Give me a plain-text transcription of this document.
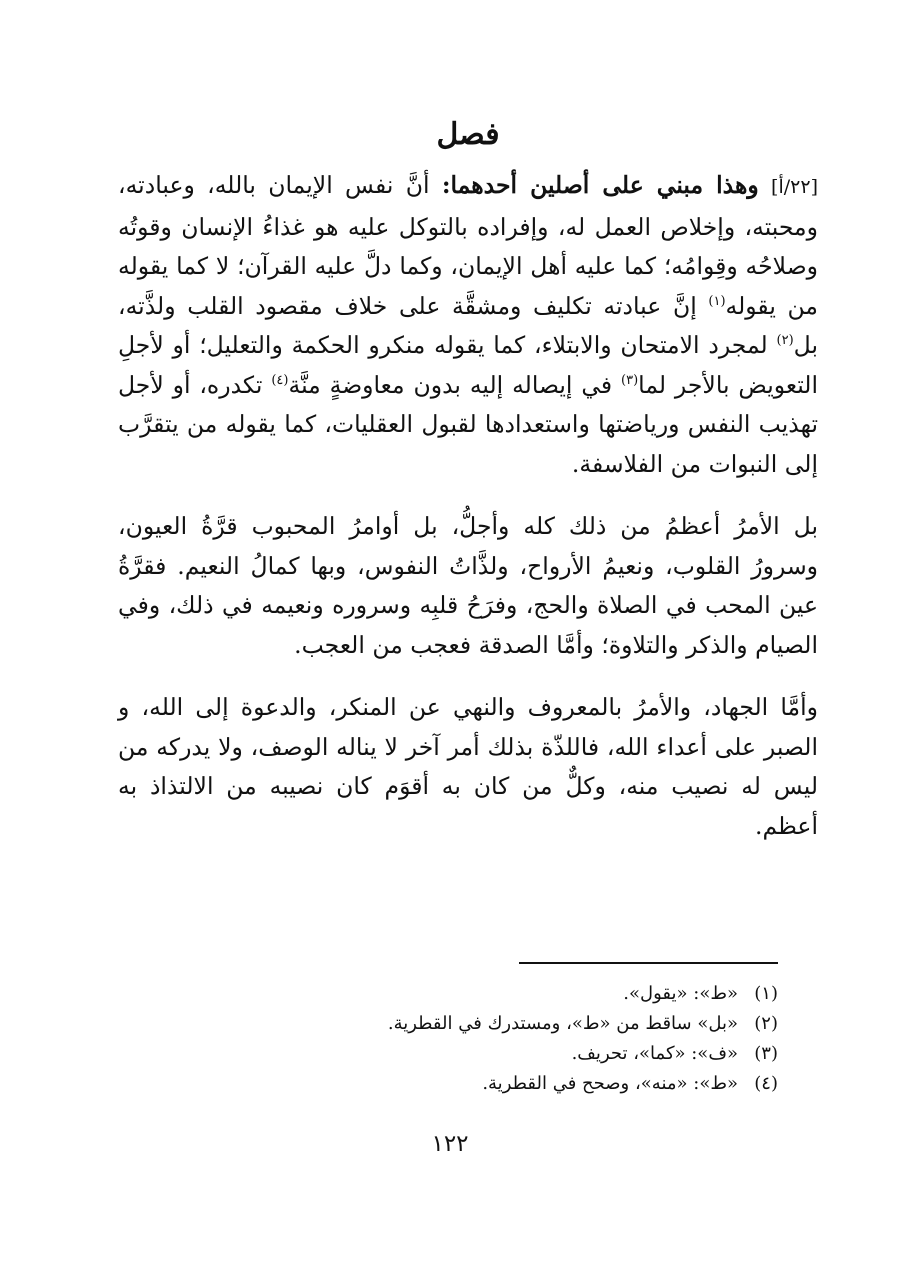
فصل

[٢٢/أ] وهذا مبني على أصلين أحدهما: أنَّ نفس الإيمان بالله، وعبادته، ومحبته، وإخلاص العمل له، وإفراده بالتوكل عليه هو غذاءُ الإنسان وقوتُه وصلاحُه وقِوامُه؛ كما عليه أهل الإيمان، وكما دلَّ عليه القرآن؛ لا كما يقوله من يقوله$^{(١)}$ إنَّ عبادته تكليف ومشقَّة على خلاف مقصود القلب ولذَّته، بل$^{(٢)}$ لمجرد الامتحان والابتلاء، كما يقوله منكرو الحكمة والتعليل؛ أو لأجلِ التعويض بالأجر لما$^{(٣)}$ في إيصاله إليه بدون معاوضةٍ منَّة$^{(٤)}$ تكدره، أو لأجل تهذيب النفس ورياضتها واستعدادها لقبول العقليات، كما يقوله من يتقرَّب إلى النبوات من الفلاسفة.

بل الأمرُ أعظمُ من ذلك كله وأجلُّ، بل أوامرُ المحبوب قرَّةُ العيون، وسرورُ القلوب، ونعيمُ الأرواح، ولذَّاتُ النفوس، وبها كمالُ النعيم. فقرَّةُ عين المحب في الصلاة والحج، وفرَحُ قلبِه وسروره ونعيمه في ذلك، وفي الصيام والذكر والتلاوة؛ وأمَّا الصدقة فعجب من العجب.

وأمَّا الجهاد، والأمرُ بالمعروف والنهي عن المنكر، والدعوة إلى الله، و الصبر على أعداء الله، فاللذّة بذلك أمر آخر لا يناله الوصف، ولا يدركه من ليس له نصيب منه، وكلٌّ من كان به أقوَم كان نصيبه من الالتذاذ به أعظم.

(١)«ط»: «يقول».
(٢)«بل» ساقط من «ط»، ومستدرك في القطرية.
(٣)«ف»: «كما»، تحريف.
(٤)«ط»: «منه»، وصحح في القطرية.
١٢٢
